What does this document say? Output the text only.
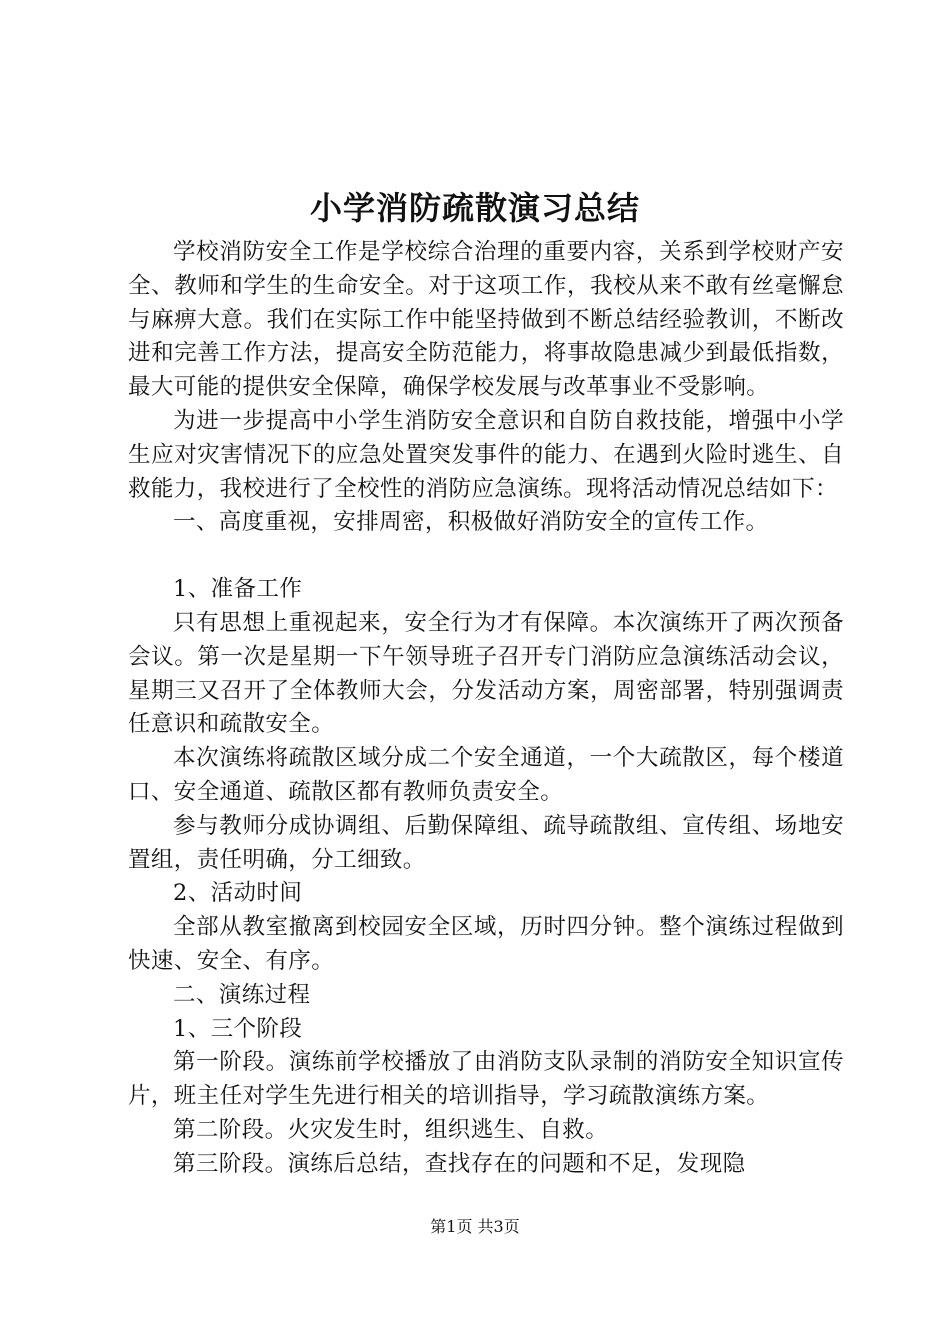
小学消防疏散演习总结

学校消防安全工作是学校综合治理的重要内容，关系到学校财产安全、教师和学生的生命安全。对于这项工作，我校从来不敢有丝毫懈怠与麻痹大意。我们在实际工作中能坚持做到不断总结经验教训，不断改进和完善工作方法，提高安全防范能力，将事故隐患减少到最低指数，最大可能的提供安全保障，确保学校发展与改革事业不受影响。

为进一步提高中小学生消防安全意识和自防自救技能，增强中小学生应对灾害情况下的应急处置突发事件的能力、在遇到火险时逃生、自救能力，我校进行了全校性的消防应急演练。现将活动情况总结如下：

一、高度重视，安排周密，积极做好消防安全的宣传工作。

1、准备工作

只有思想上重视起来，安全行为才有保障。本次演练开了两次预备会议。第一次是星期一下午领导班子召开专门消防应急演练活动会议，星期三又召开了全体教师大会，分发活动方案，周密部署，特别强调责任意识和疏散安全。

本次演练将疏散区域分成二个安全通道，一个大疏散区，每个楼道口、安全通道、疏散区都有教师负责安全。

参与教师分成协调组、后勤保障组、疏导疏散组、宣传组、场地安置组，责任明确，分工细致。

2、活动时间

全部从教室撤离到校园安全区域，历时四分钟。整个演练过程做到快速、安全、有序。

二、演练过程

1、三个阶段

第一阶段。演练前学校播放了由消防支队录制的消防安全知识宣传片，班主任对学生先进行相关的培训指导，学习疏散演练方案。

第二阶段。火灾发生时，组织逃生、自救。

第三阶段。演练后总结，查找存在的问题和不足，发现隐

第1页 共3页
